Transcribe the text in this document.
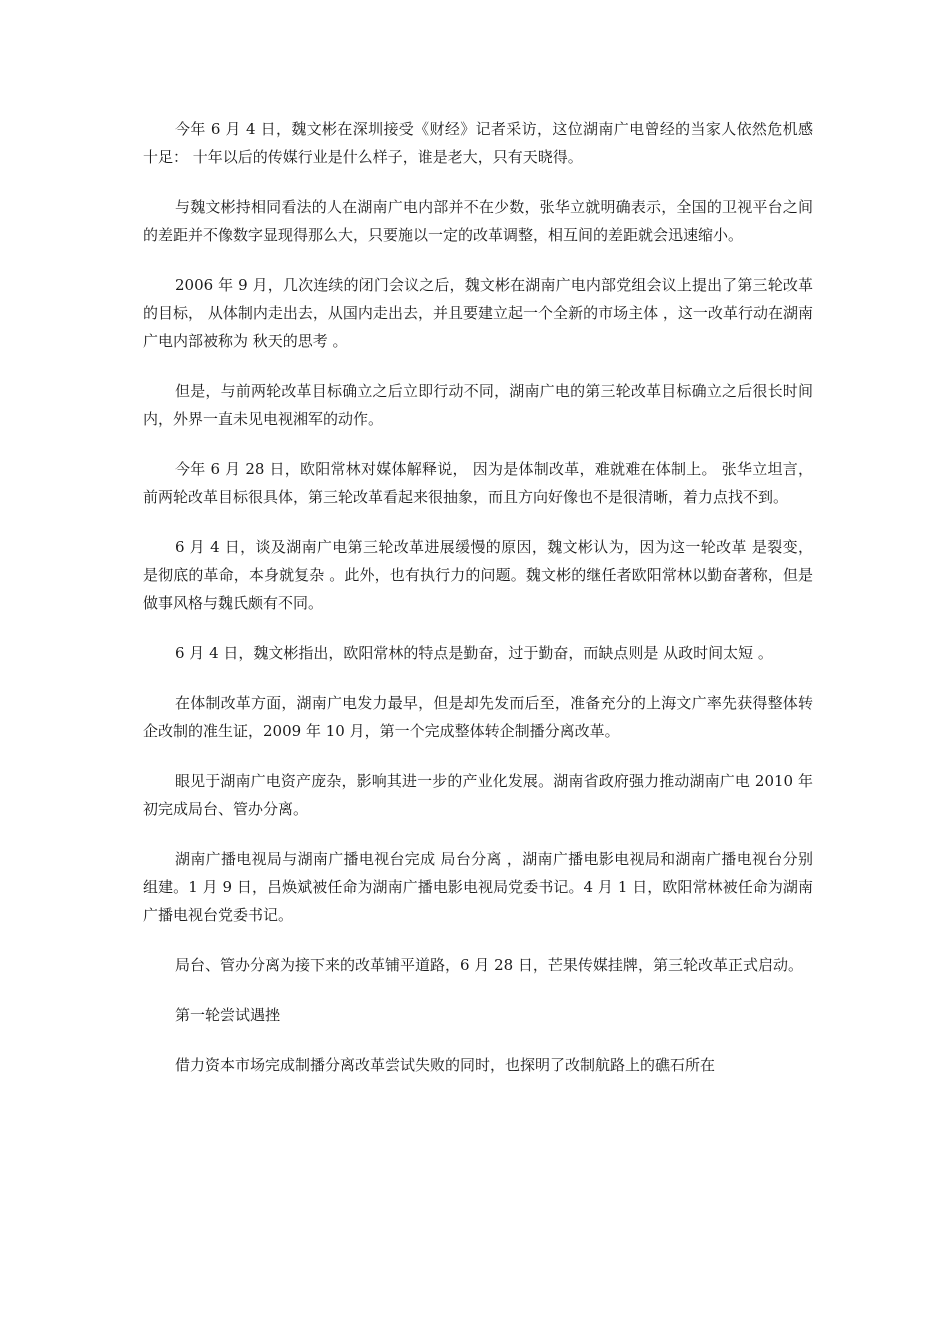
今年 6 月 4 日，魏文彬在深圳接受《财经》记者采访，这位湖南广电曾经的当家人依然危机感十足： 十年以后的传媒行业是什么样子，谁是老大，只有天晓得。

与魏文彬持相同看法的人在湖南广电内部并不在少数，张华立就明确表示，全国的卫视平台之间的差距并不像数字显现得那么大，只要施以一定的改革调整，相互间的差距就会迅速缩小。

2006 年 9 月，几次连续的闭门会议之后，魏文彬在湖南广电内部党组会议上提出了第三轮改革的目标， 从体制内走出去，从国内走出去，并且要建立起一个全新的市场主体 ，这一改革行动在湖南广电内部被称为 秋天的思考 。

但是，与前两轮改革目标确立之后立即行动不同，湖南广电的第三轮改革目标确立之后很长时间内，外界一直未见电视湘军的动作。

今年 6 月 28 日，欧阳常林对媒体解释说， 因为是体制改革，难就难在体制上。 张华立坦言，前两轮改革目标很具体，第三轮改革看起来很抽象，而且方向好像也不是很清晰，着力点找不到。

6 月 4 日，谈及湖南广电第三轮改革进展缓慢的原因，魏文彬认为，因为这一轮改革 是裂变，是彻底的革命，本身就复杂 。此外，也有执行力的问题。魏文彬的继任者欧阳常林以勤奋著称，但是做事风格与魏氏颇有不同。

6 月 4 日，魏文彬指出，欧阳常林的特点是勤奋，过于勤奋，而缺点则是 从政时间太短 。

在体制改革方面，湖南广电发力最早，但是却先发而后至，准备充分的上海文广率先获得整体转企改制的准生证，2009 年 10 月，第一个完成整体转企制播分离改革。

眼见于湖南广电资产庞杂，影响其进一步的产业化发展。湖南省政府强力推动湖南广电 2010 年初完成局台、管办分离。

湖南广播电视局与湖南广播电视台完成 局台分离 ，湖南广播电影电视局和湖南广播电视台分别组建。1 月 9 日，吕焕斌被任命为湖南广播电影电视局党委书记。4 月 1 日，欧阳常林被任命为湖南广播电视台党委书记。

局台、管办分离为接下来的改革铺平道路，6 月 28 日，芒果传媒挂牌，第三轮改革正式启动。

第一轮尝试遇挫

借力资本市场完成制播分离改革尝试失败的同时，也探明了改制航路上的礁石所在
